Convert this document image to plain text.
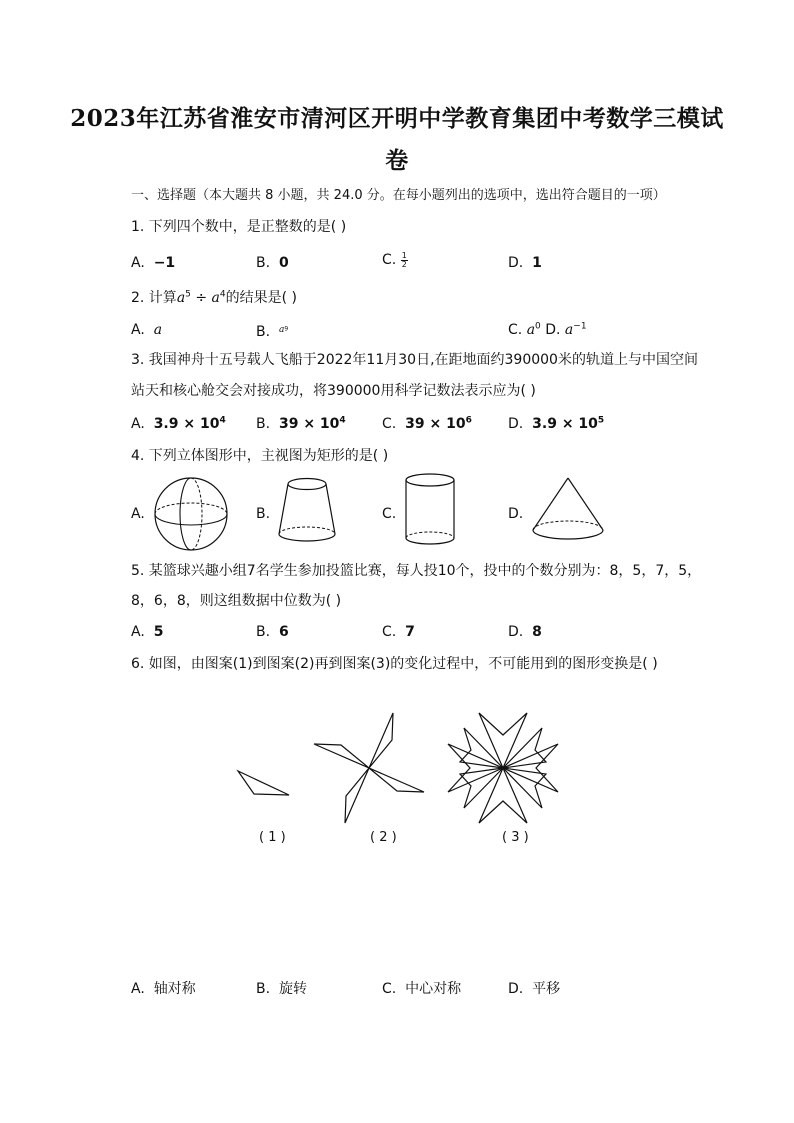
2023年江苏省淮安市清河区开明中学教育集团中考数学三模试
卷
一、选择题（本大题共 8 小题，共 24.0 分。在每小题列出的选项中，选出符合题目的一项）
1. 下列四个数中，是正整数的是( )
A. −1	B. 0	C. $\frac{1}{2}$	D. 1
2. 计算$a^5 \div a^4$的结果是( )
A. a	B. $^{a9}$	C. $a^0$ D. $a^{-1}$
3. 我国神舟十五号载人飞船于2022年11月30日,在距地面约390000米的轨道上与中国空间
站天和核心舱交会对接成功，将390000用科学记数法表示应为( )
A. $3.9 \times 10^4$ B. $39 \times 10^4$	C. $39 \times 10^6$	D. $3.9 \times 10^5$
4. 下列立体图形中，主视图为矩形的是( )
A.	B.	C.	D.
5. 某篮球兴趣小组7名学生参加投篮比赛，每人投10个，投中的个数分别为：8，5，7，5，
8，6，8，则这组数据中位数为( )
A. 5	B. 6	C. 7	D. 8
6. 如图，由图案(1)到图案(2)再到图案(3)的变化过程中，不可能用到的图形变换是( )
( 1 )	( 2 )	( 3 )
A. 轴对称	B. 旋转	C. 中心对称	D. 平移
